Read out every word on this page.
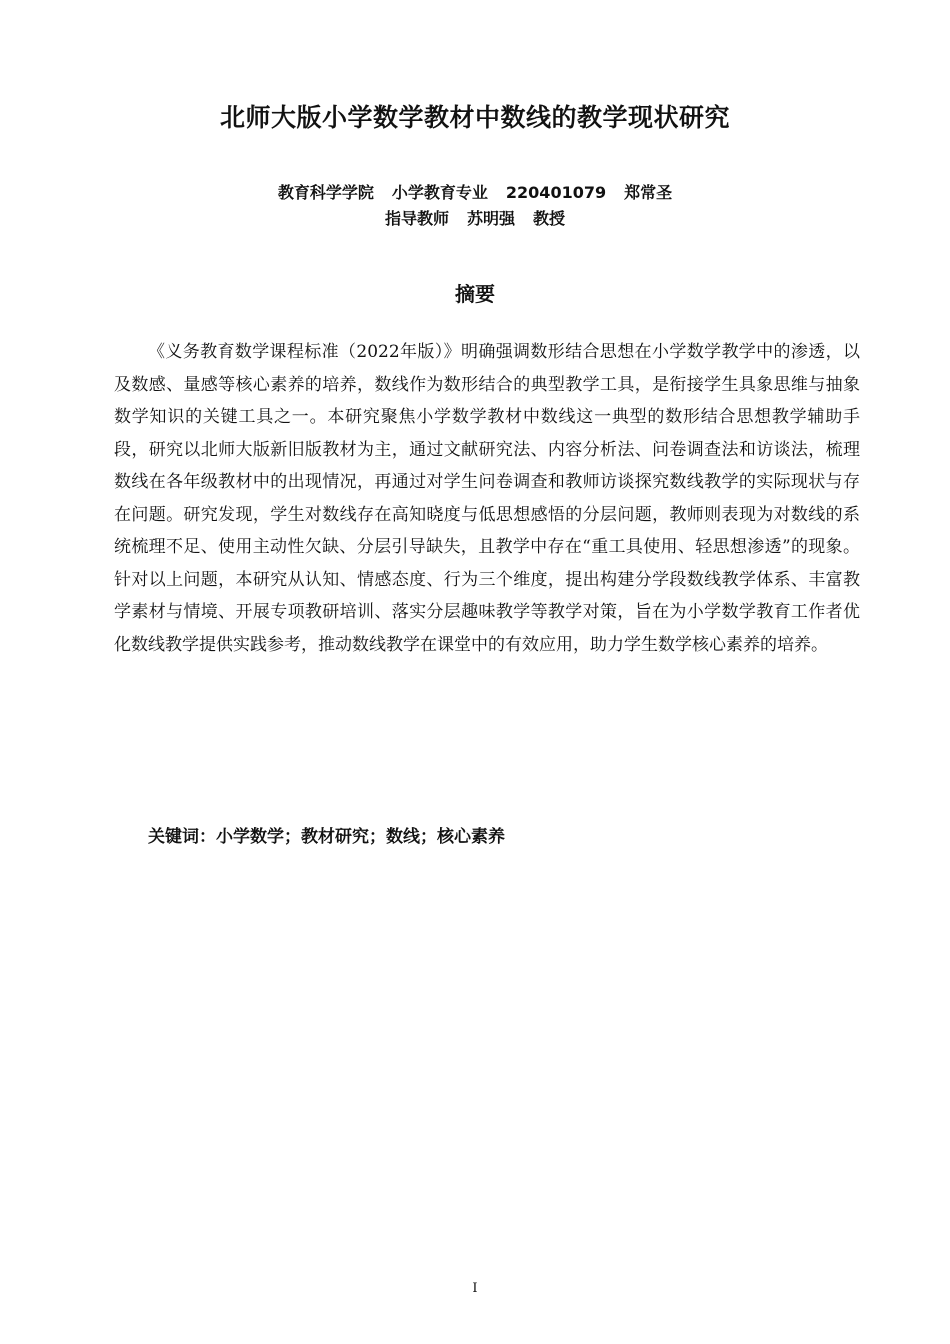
北师大版小学数学教材中数线的教学现状研究

教育科学学院 小学教育专业 220401079 郑常圣

指导教师 苏明强 教授

摘要

《义务教育数学课程标准（2022年版）》明确强调数形结合思想在小学数学教学中的渗透，以及数感、量感等核心素养的培养，数线作为数形结合的典型教学工具，是衔接学生具象思维与抽象数学知识的关键工具之一。本研究聚焦小学数学教材中数线这一典型的数形结合思想教学辅助手段，研究以北师大版新旧版教材为主，通过文献研究法、内容分析法、问卷调查法和访谈法，梳理数线在各年级教材中的出现情况，再通过对学生问卷调查和教师访谈探究数线教学的实际现状与存在问题。研究发现，学生对数线存在高知晓度与低思想感悟的分层问题，教师则表现为对数线的系统梳理不足、使用主动性欠缺、分层引导缺失，且教学中存在“重工具使用、轻思想渗透”的现象。针对以上问题，本研究从认知、情感态度、行为三个维度，提出构建分学段数线教学体系、丰富教学素材与情境、开展专项教研培训、落实分层趣味教学等教学对策，旨在为小学数学教育工作者优化数线教学提供实践参考，推动数线教学在课堂中的有效应用，助力学生数学核心素养的培养。

关键词：小学数学；教材研究；数线；核心素养

I
